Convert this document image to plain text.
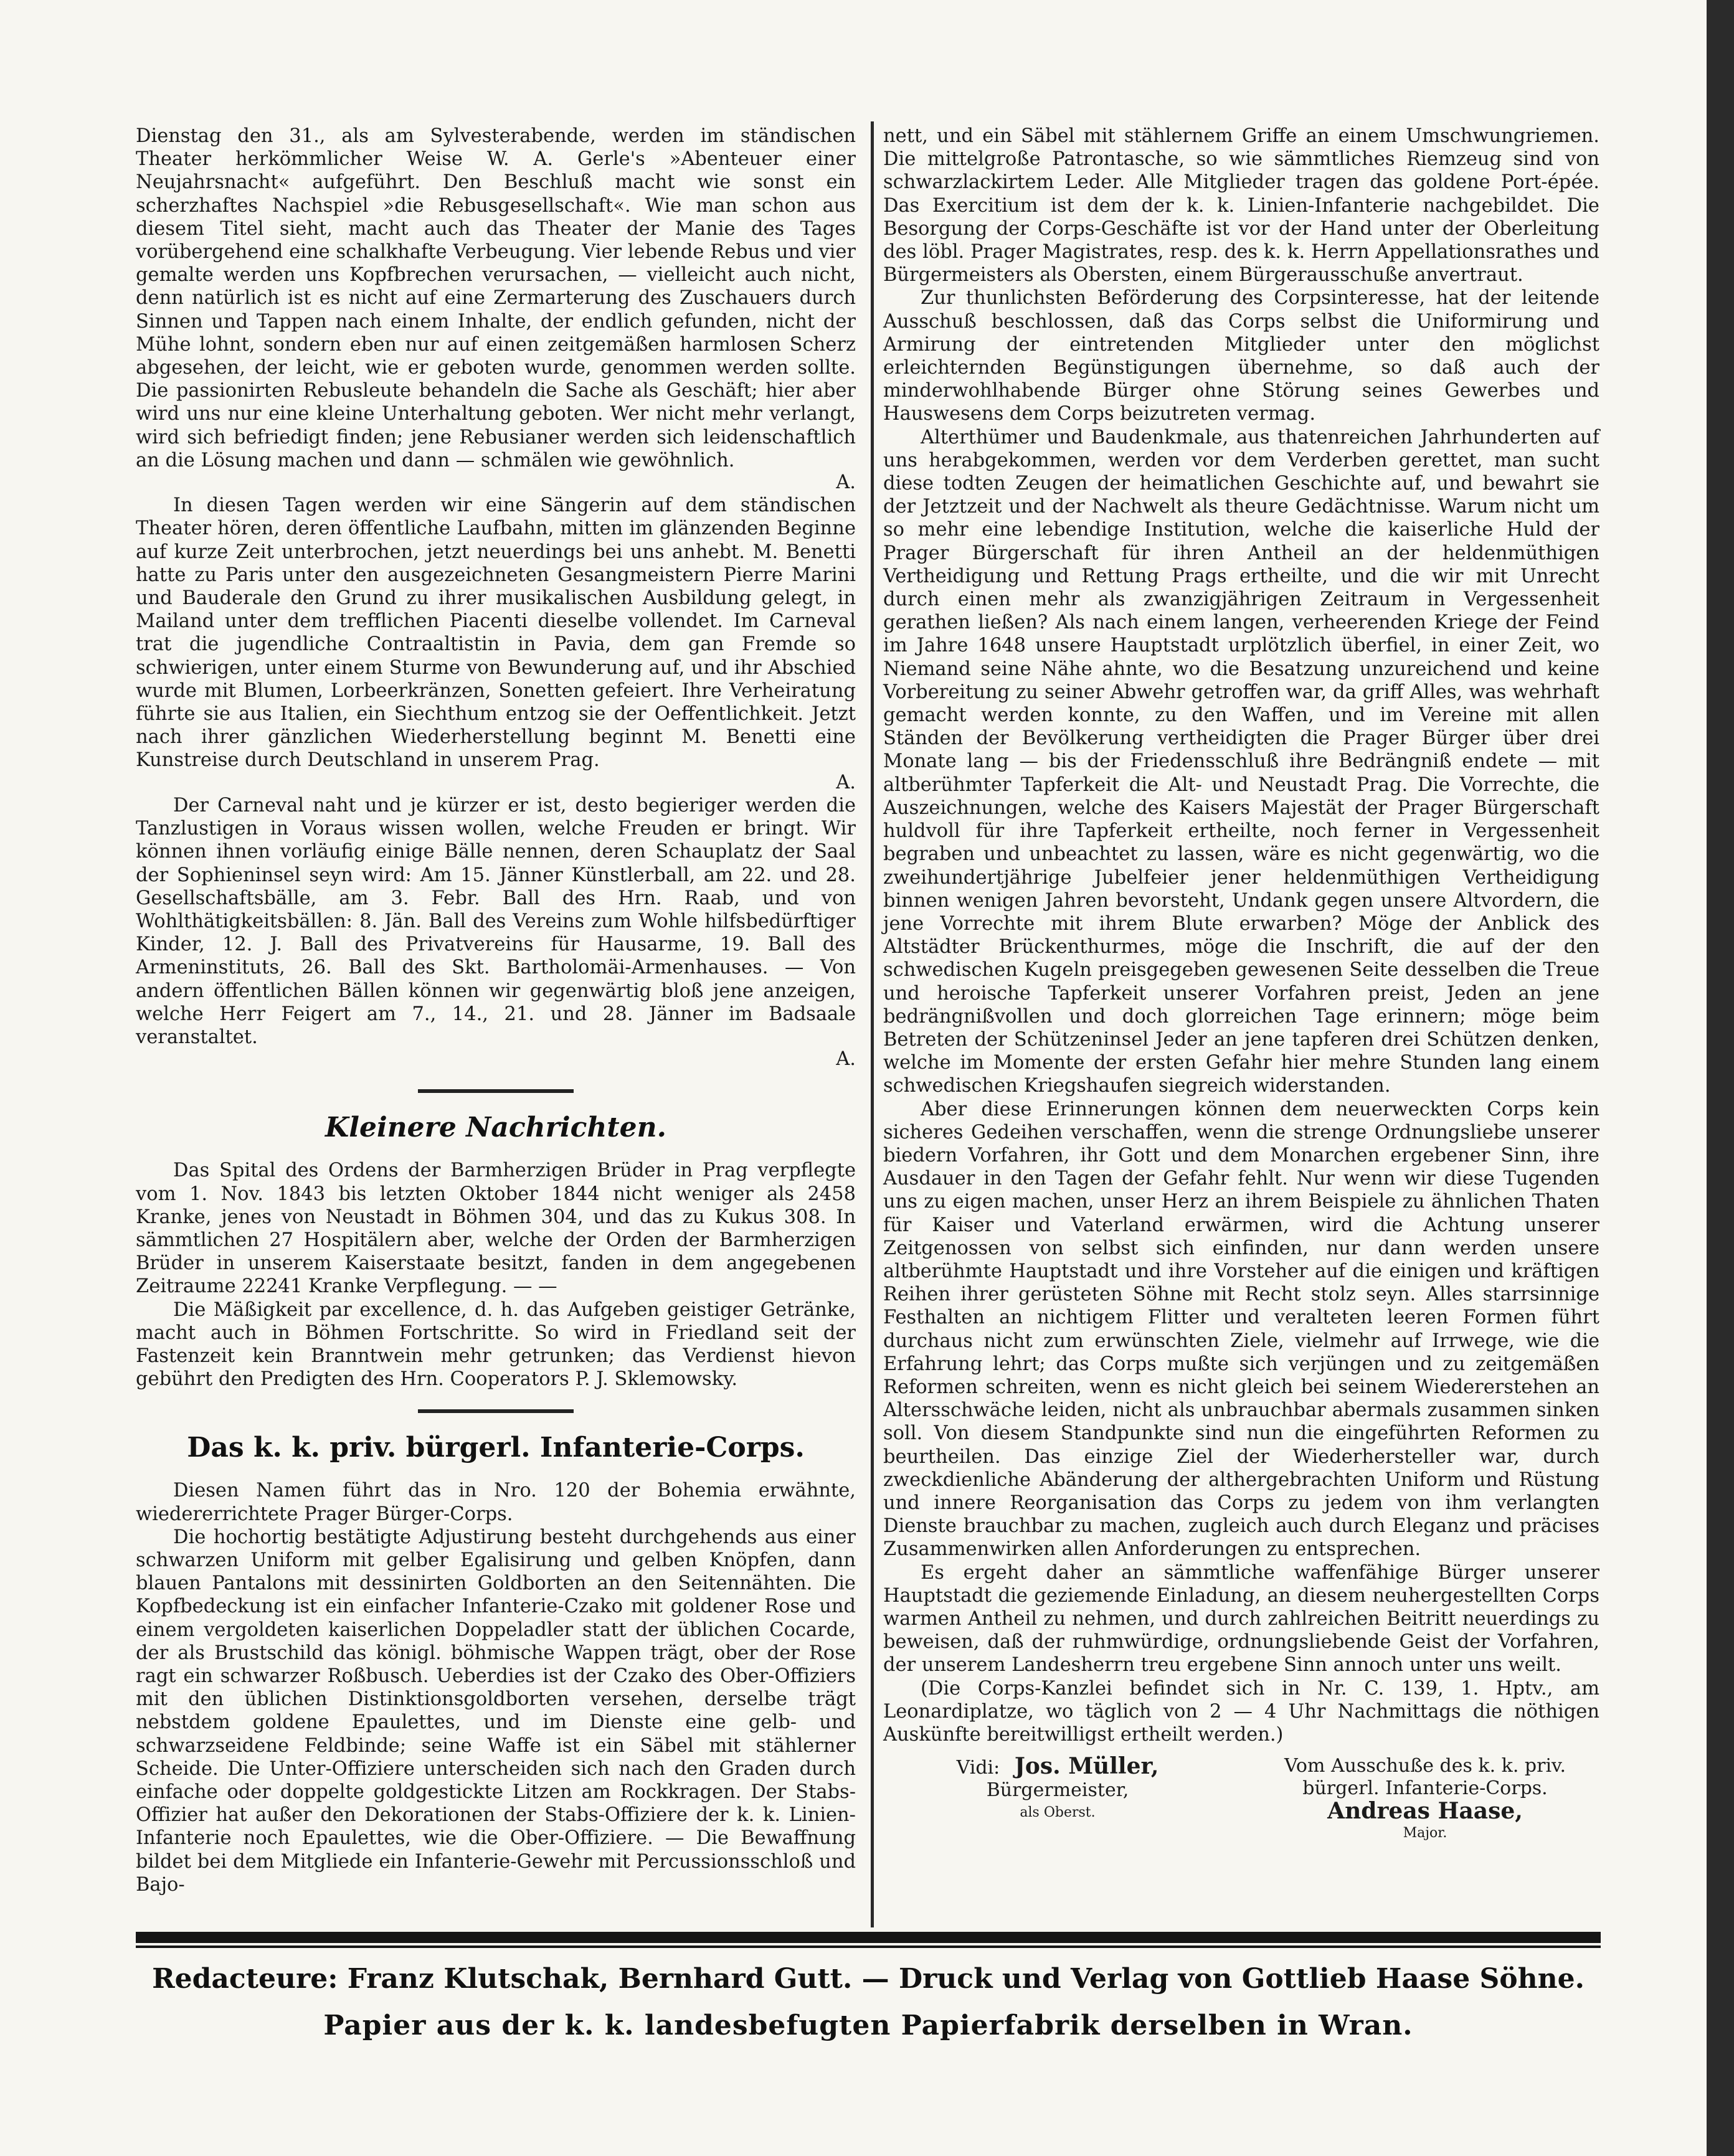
Dienstag den 31., als am Sylvesterabende, werden im ständischen Theater herkömmlicher Weise W. A. Gerle's »Abenteuer einer Neujahrsnacht« aufgeführt. Den Beschluß macht wie sonst ein scherzhaftes Nachspiel »die Rebusgesellschaft«. Wie man schon aus diesem Titel sieht, macht auch das Theater der Manie des Tages vorübergehend eine schalkhafte Verbeugung. Vier lebende Rebus und vier gemalte werden uns Kopfbrechen verursachen, — vielleicht auch nicht, denn natürlich ist es nicht auf eine Zermarterung des Zuschauers durch Sinnen und Tappen nach einem Inhalte, der endlich gefunden, nicht der Mühe lohnt, sondern eben nur auf einen zeitgemäßen harmlosen Scherz abgesehen, der leicht, wie er geboten wurde, genommen werden sollte. Die passionirten Rebusleute behandeln die Sache als Geschäft; hier aber wird uns nur eine kleine Unterhaltung geboten. Wer nicht mehr verlangt, wird sich befriedigt finden; jene Rebusianer werden sich leidenschaftlich an die Lösung machen und dann — schmälen wie gewöhnlich.

A.

In diesen Tagen werden wir eine Sängerin auf dem ständischen Theater hören, deren öffentliche Laufbahn, mitten im glänzenden Beginne auf kurze Zeit unterbrochen, jetzt neuerdings bei uns anhebt. M. Benetti hatte zu Paris unter den ausgezeichneten Gesangmeistern Pierre Marini und Bauderale den Grund zu ihrer musikalischen Ausbildung gelegt, in Mailand unter dem trefflichen Piacenti dieselbe vollendet. Im Carneval trat die jugendliche Contraaltistin in Pavia, dem gan Fremde so schwierigen, unter einem Sturme von Bewunderung auf, und ihr Abschied wurde mit Blumen, Lorbeerkränzen, Sonetten gefeiert. Ihre Verheiratung führte sie aus Italien, ein Siechthum entzog sie der Oeffentlichkeit. Jetzt nach ihrer gänzlichen Wiederherstellung beginnt M. Benetti eine Kunstreise durch Deutschland in unserem Prag.

A.

Der Carneval naht und je kürzer er ist, desto begieriger werden die Tanzlustigen in Voraus wissen wollen, welche Freuden er bringt. Wir können ihnen vorläufig einige Bälle nennen, deren Schauplatz der Saal der Sophieninsel seyn wird: Am 15. Jänner Künstlerball, am 22. und 28. Gesellschaftsbälle, am 3. Febr. Ball des Hrn. Raab, und von Wohlthätigkeitsbällen: 8. Jän. Ball des Vereins zum Wohle hilfsbedürftiger Kinder, 12. J. Ball des Privatvereins für Hausarme, 19. Ball des Armeninstituts, 26. Ball des Skt. Bartholomäi-Armenhauses. — Von andern öffentlichen Bällen können wir gegenwärtig bloß jene anzeigen, welche Herr Feigert am 7., 14., 21. und 28. Jänner im Badsaale veranstaltet.

A.
Kleinere Nachrichten.

Das Spital des Ordens der Barmherzigen Brüder in Prag verpflegte vom 1. Nov. 1843 bis letzten Oktober 1844 nicht weniger als 2458 Kranke, jenes von Neustadt in Böhmen 304, und das zu Kukus 308. In sämmtlichen 27 Hospitälern aber, welche der Orden der Barmherzigen Brüder in unserem Kaiserstaate besitzt, fanden in dem angegebenen Zeitraume 22241 Kranke Verpflegung. — —

Die Mäßigkeit par excellence, d. h. das Aufgeben geistiger Getränke, macht auch in Böhmen Fortschritte. So wird in Friedland seit der Fastenzeit kein Branntwein mehr getrunken; das Verdienst hievon gebührt den Predigten des Hrn. Cooperators P. J. Sklemowsky.

Das k. k. priv. bürgerl. Infanterie-Corps.

Diesen Namen führt das in Nro. 120 der Bohemia erwähnte, wiedererrichtete Prager Bürger-Corps.

Die hochortig bestätigte Adjustirung besteht durchgehends aus einer schwarzen Uniform mit gelber Egalisirung und gelben Knöpfen, dann blauen Pantalons mit dessinirten Goldborten an den Seitennähten. Die Kopfbedeckung ist ein einfacher Infanterie-Czako mit goldener Rose und einem vergoldeten kaiserlichen Doppeladler statt der üblichen Cocarde, der als Brustschild das königl. böhmische Wappen trägt, ober der Rose ragt ein schwarzer Roßbusch. Ueberdies ist der Czako des Ober-Offiziers mit den üblichen Distinktionsgoldborten versehen, derselbe trägt nebstdem goldene Epaulettes, und im Dienste eine gelb- und schwarzseidene Feldbinde; seine Waffe ist ein Säbel mit stählerner Scheide. Die Unter-Offiziere unterscheiden sich nach den Graden durch einfache oder doppelte goldgestickte Litzen am Rockkragen. Der Stabs-Offizier hat außer den Dekorationen der Stabs-Offiziere der k. k. Linien-Infanterie noch Epaulettes, wie die Ober-Offiziere. — Die Bewaffnung bildet bei dem Mitgliede ein Infanterie-Gewehr mit Percussionsschloß und Bajo-

nett, und ein Säbel mit stählernem Griffe an einem Umschwungriemen. Die mittelgroße Patrontasche, so wie sämmtliches Riemzeug sind von schwarzlackirtem Leder. Alle Mitglieder tragen das goldene Port-épée. Das Exercitium ist dem der k. k. Linien-Infanterie nachgebildet. Die Besorgung der Corps-Geschäfte ist vor der Hand unter der Oberleitung des löbl. Prager Magistrates, resp. des k. k. Herrn Appellationsrathes und Bürgermeisters als Obersten, einem Bürgerausschuße anvertraut.

Zur thunlichsten Beförderung des Corpsinteresse, hat der leitende Ausschuß beschlossen, daß das Corps selbst die Uniformirung und Armirung der eintretenden Mitglieder unter den möglichst erleichternden Begünstigungen übernehme, so daß auch der minderwohlhabende Bürger ohne Störung seines Gewerbes und Hauswesens dem Corps beizutreten vermag.

Alterthümer und Baudenkmale, aus thatenreichen Jahrhunderten auf uns herabgekommen, werden vor dem Verderben gerettet, man sucht diese todten Zeugen der heimatlichen Geschichte auf, und bewahrt sie der Jetztzeit und der Nachwelt als theure Gedächtnisse. Warum nicht um so mehr eine lebendige Institution, welche die kaiserliche Huld der Prager Bürgerschaft für ihren Antheil an der heldenmüthigen Vertheidigung und Rettung Prags ertheilte, und die wir mit Unrecht durch einen mehr als zwanzigjährigen Zeitraum in Vergessenheit gerathen ließen? Als nach einem langen, verheerenden Kriege der Feind im Jahre 1648 unsere Hauptstadt urplötzlich überfiel, in einer Zeit, wo Niemand seine Nähe ahnte, wo die Besatzung unzureichend und keine Vorbereitung zu seiner Abwehr getroffen war, da griff Alles, was wehrhaft gemacht werden konnte, zu den Waffen, und im Vereine mit allen Ständen der Bevölkerung vertheidigten die Prager Bürger über drei Monate lang — bis der Friedensschluß ihre Bedrängniß endete — mit altberühmter Tapferkeit die Alt- und Neustadt Prag. Die Vorrechte, die Auszeichnungen, welche des Kaisers Majestät der Prager Bürgerschaft huldvoll für ihre Tapferkeit ertheilte, noch ferner in Vergessenheit begraben und unbeachtet zu lassen, wäre es nicht gegenwärtig, wo die zweihundertjährige Jubelfeier jener heldenmüthigen Vertheidigung binnen wenigen Jahren bevorsteht, Undank gegen unsere Altvordern, die jene Vorrechte mit ihrem Blute erwarben? Möge der Anblick des Altstädter Brückenthurmes, möge die Inschrift, die auf der den schwedischen Kugeln preisgegeben gewesenen Seite desselben die Treue und heroische Tapferkeit unserer Vorfahren preist, Jeden an jene bedrängnißvollen und doch glorreichen Tage erinnern; möge beim Betreten der Schützeninsel Jeder an jene tapferen drei Schützen denken, welche im Momente der ersten Gefahr hier mehre Stunden lang einem schwedischen Kriegshaufen siegreich widerstanden.

Aber diese Erinnerungen können dem neuerweckten Corps kein sicheres Gedeihen verschaffen, wenn die strenge Ordnungsliebe unserer biedern Vorfahren, ihr Gott und dem Monarchen ergebener Sinn, ihre Ausdauer in den Tagen der Gefahr fehlt. Nur wenn wir diese Tugenden uns zu eigen machen, unser Herz an ihrem Beispiele zu ähnlichen Thaten für Kaiser und Vaterland erwärmen, wird die Achtung unserer Zeitgenossen von selbst sich einfinden, nur dann werden unsere altberühmte Hauptstadt und ihre Vorsteher auf die einigen und kräftigen Reihen ihrer gerüsteten Söhne mit Recht stolz seyn. Alles starrsinnige Festhalten an nichtigem Flitter und veralteten leeren Formen führt durchaus nicht zum erwünschten Ziele, vielmehr auf Irrwege, wie die Erfahrung lehrt; das Corps mußte sich verjüngen und zu zeitgemäßen Reformen schreiten, wenn es nicht gleich bei seinem Wiedererstehen an Altersschwäche leiden, nicht als unbrauchbar abermals zusammen sinken soll. Von diesem Standpunkte sind nun die eingeführten Reformen zu beurtheilen. Das einzige Ziel der Wiederhersteller war, durch zweckdienliche Abänderung der althergebrachten Uniform und Rüstung und innere Reorganisation das Corps zu jedem von ihm verlangten Dienste brauchbar zu machen, zugleich auch durch Eleganz und präcises Zusammenwirken allen Anforderungen zu entsprechen.

Es ergeht daher an sämmtliche waffenfähige Bürger unserer Hauptstadt die geziemende Einladung, an diesem neuhergestellten Corps warmen Antheil zu nehmen, und durch zahlreichen Beitritt neuerdings zu beweisen, daß der ruhmwürdige, ordnungsliebende Geist der Vorfahren, der unserem Landesherrn treu ergebene Sinn annoch unter uns weilt.

(Die Corps-Kanzlei befindet sich in Nr. C. 139, 1. Hptv., am Leonardiplatze, wo täglich von 2 — 4 Uhr Nachmittags die nöthigen Auskünfte bereitwilligst ertheilt werden.)

Vidi: Jos. Müller,
Bürgermeister,
als Oberst.
Vom Ausschuße des k. k. priv.
bürgerl. Infanterie-Corps.
Andreas Haase,
Major.
Redacteure: Franz Klutschak, Bernhard Gutt. — Druck und Verlag von Gottlieb Haase Söhne.
Papier aus der k. k. landesbefugten Papierfabrik derselben in Wran.
